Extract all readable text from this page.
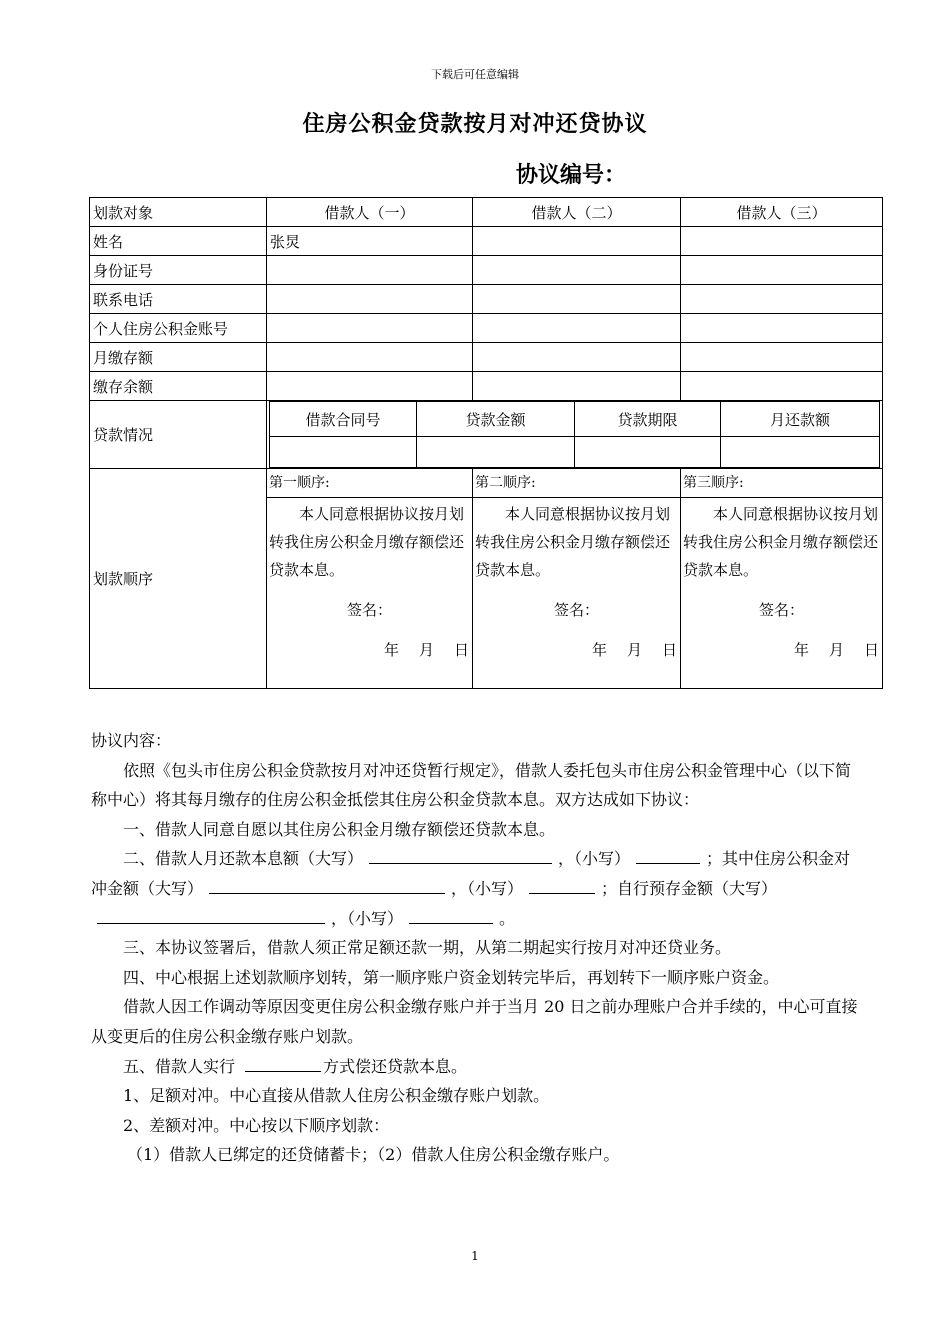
下载后可任意编辑
住房公积金贷款按月对冲还贷协议
协议编号：
划款对象	借款人（一）	借款人（二）	借款人（三）
姓名	张炅		
身份证号			
联系电话			
个人住房公积金账号			
月缴存额			
缴存余额			
贷款情况	
借款合同号	贷款金额	贷款期限	月还款额

划款顺序	
第一顺序:
本人同意根据协议按月划转我住房公积金月缴存额偿还贷款本息。
签名：
年 月 日

第二顺序:
本人同意根据协议按月划转我住房公积金月缴存额偿还贷款本息。
签名：
年 月 日

第三顺序:
本人同意根据协议按月划转我住房公积金月缴存额偿还贷款本息。
签名：
年 月 日

协议内容：

依照《包头市住房公积金贷款按月对冲还贷暂行规定》，借款人委托包头市住房公积金管理中心（以下简称中心）将其每月缴存的住房公积金抵偿其住房公积金贷款本息。双方达成如下协议：

一、借款人同意自愿以其住房公积金月缴存额偿还贷款本息。

二、借款人月还款本息额（大写）	，（小写）	；其中住房公积金对冲金额（大写）	，（小写）	；自行预存金额（大写），（小写）	。

三、本协议签署后，借款人须正常足额还款一期，从第二期起实行按月对冲还贷业务。

四、中心根据上述划款顺序划转，第一顺序账户资金划转完毕后，再划转下一顺序账户资金。

借款人因工作调动等原因变更住房公积金缴存账户并于当月 20 日之前办理账户合并手续的，中心可直接从变更后的住房公积金缴存账户划款。

五、借款人实行	方式偿还贷款本息。

1、足额对冲。中心直接从借款人住房公积金缴存账户划款。

2、差额对冲。中心按以下顺序划款：

（1）借款人已绑定的还贷储蓄卡；（2）借款人住房公积金缴存账户。

1
